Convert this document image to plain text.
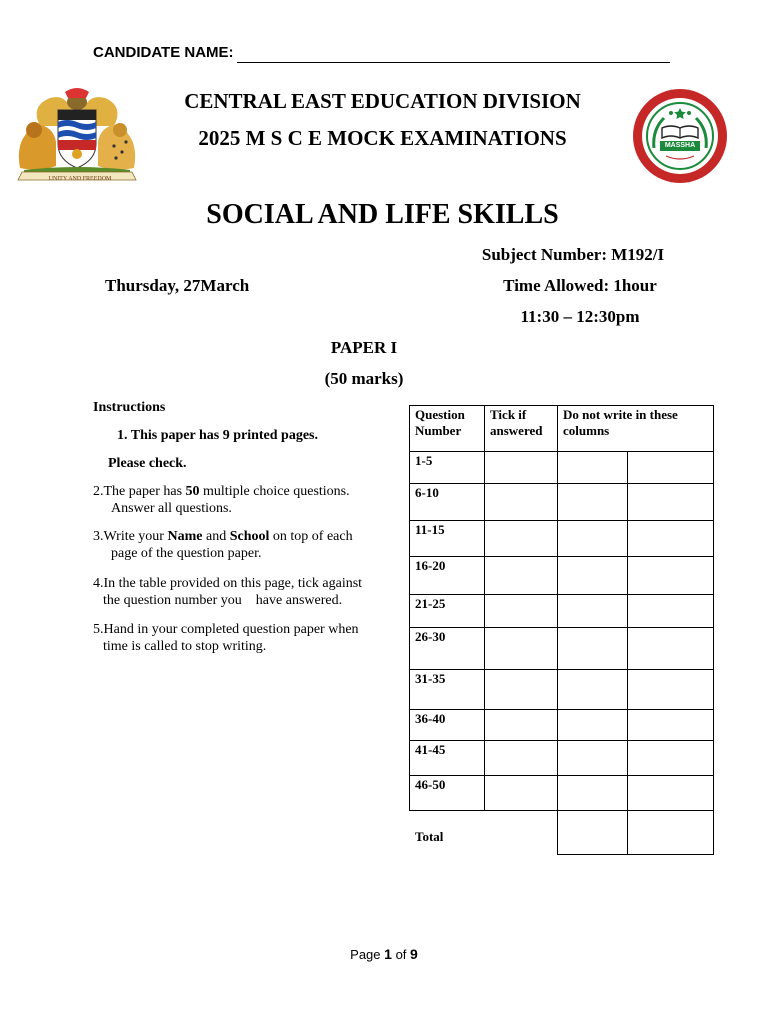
CANDIDATE NAME:
UNITY AND FREEDOM
MASSHA
CENTRAL EAST EDUCATION DIVISION
2025 M S C E MOCK EXAMINATIONS
SOCIAL AND LIFE SKILLS
Subject Number: M192/I
Thursday, 27March	Time Allowed: 1hour
11:30 – 12:30pm
PAPER I
(50 marks)
Instructions
1. This paper has 9 printed pages.
Please check.
2.The paper has 50 multiple choice questions.
Answer all questions.
3.Write your Name and School on top of each
page of the question paper.
4.In the table provided on this page, tick against
the question number you    have answered.
5.Hand in your completed question paper when
time is called to stop writing.
Question Number
Tick if answered
Do not write in these columns
1-5
6-10
11-15
16-20
21-25
26-30
31-35
36-40
41-45
46-50
Total
Page 1 of 9
